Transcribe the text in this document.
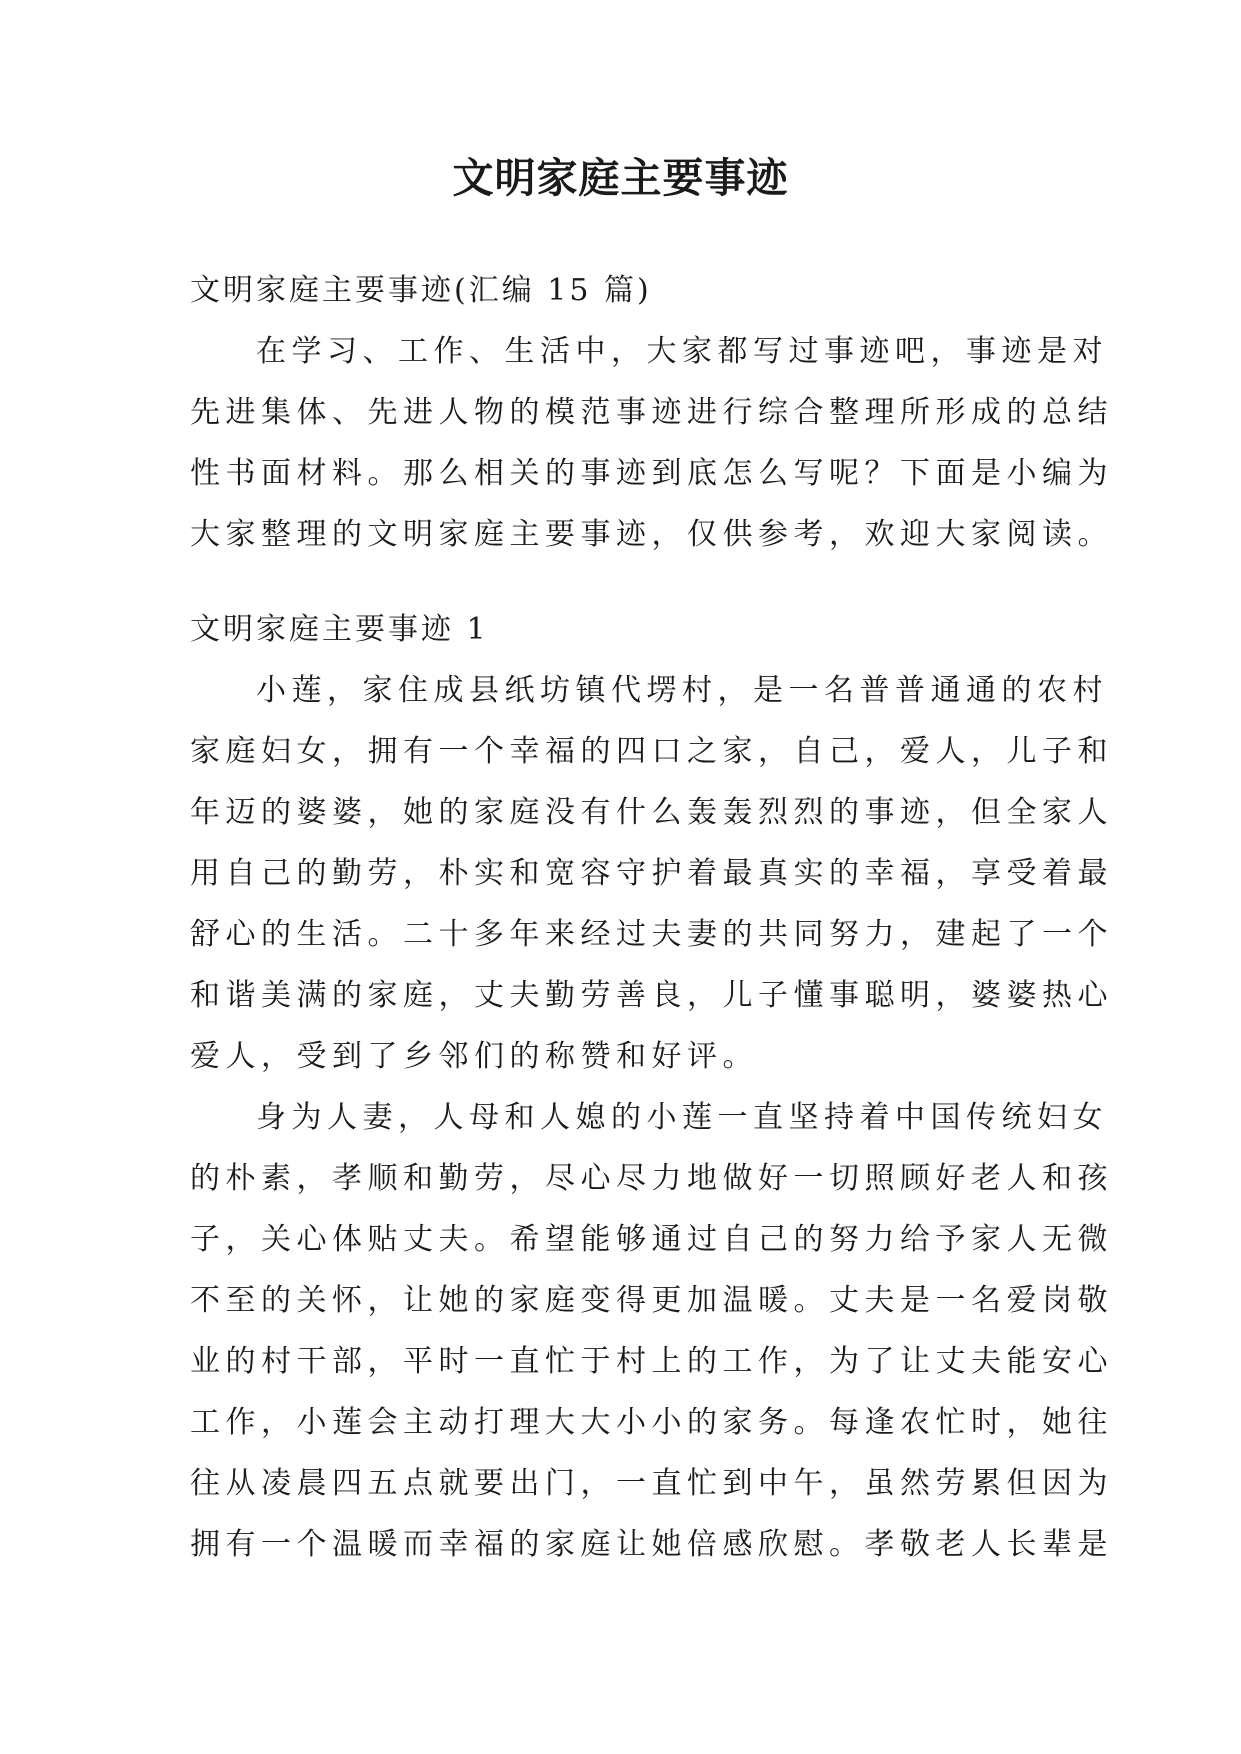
文明家庭主要事迹
文明家庭主要事迹(汇编 15 篇)
在学习、工作、生活中，大家都写过事迹吧，事迹是对
先进集体、先进人物的模范事迹进行综合整理所形成的总结
性书面材料。那么相关的事迹到底怎么写呢？下面是小编为
大家整理的文明家庭主要事迹，仅供参考，欢迎大家阅读。
文明家庭主要事迹 1
小莲，家住成县纸坊镇代塄村，是一名普普通通的农村
家庭妇女，拥有一个幸福的四口之家，自己，爱人，儿子和
年迈的婆婆，她的家庭没有什么轰轰烈烈的事迹，但全家人
用自己的勤劳，朴实和宽容守护着最真实的幸福，享受着最
舒心的生活。二十多年来经过夫妻的共同努力，建起了一个
和谐美满的家庭，丈夫勤劳善良，儿子懂事聪明，婆婆热心
爱人，受到了乡邻们的称赞和好评。
身为人妻，人母和人媳的小莲一直坚持着中国传统妇女
的朴素，孝顺和勤劳，尽心尽力地做好一切照顾好老人和孩
子，关心体贴丈夫。希望能够通过自己的努力给予家人无微
不至的关怀，让她的家庭变得更加温暖。丈夫是一名爱岗敬
业的村干部，平时一直忙于村上的工作，为了让丈夫能安心
工作，小莲会主动打理大大小小的家务。每逢农忙时，她往
往从凌晨四五点就要出门，一直忙到中午，虽然劳累但因为
拥有一个温暖而幸福的家庭让她倍感欣慰。孝敬老人长辈是
